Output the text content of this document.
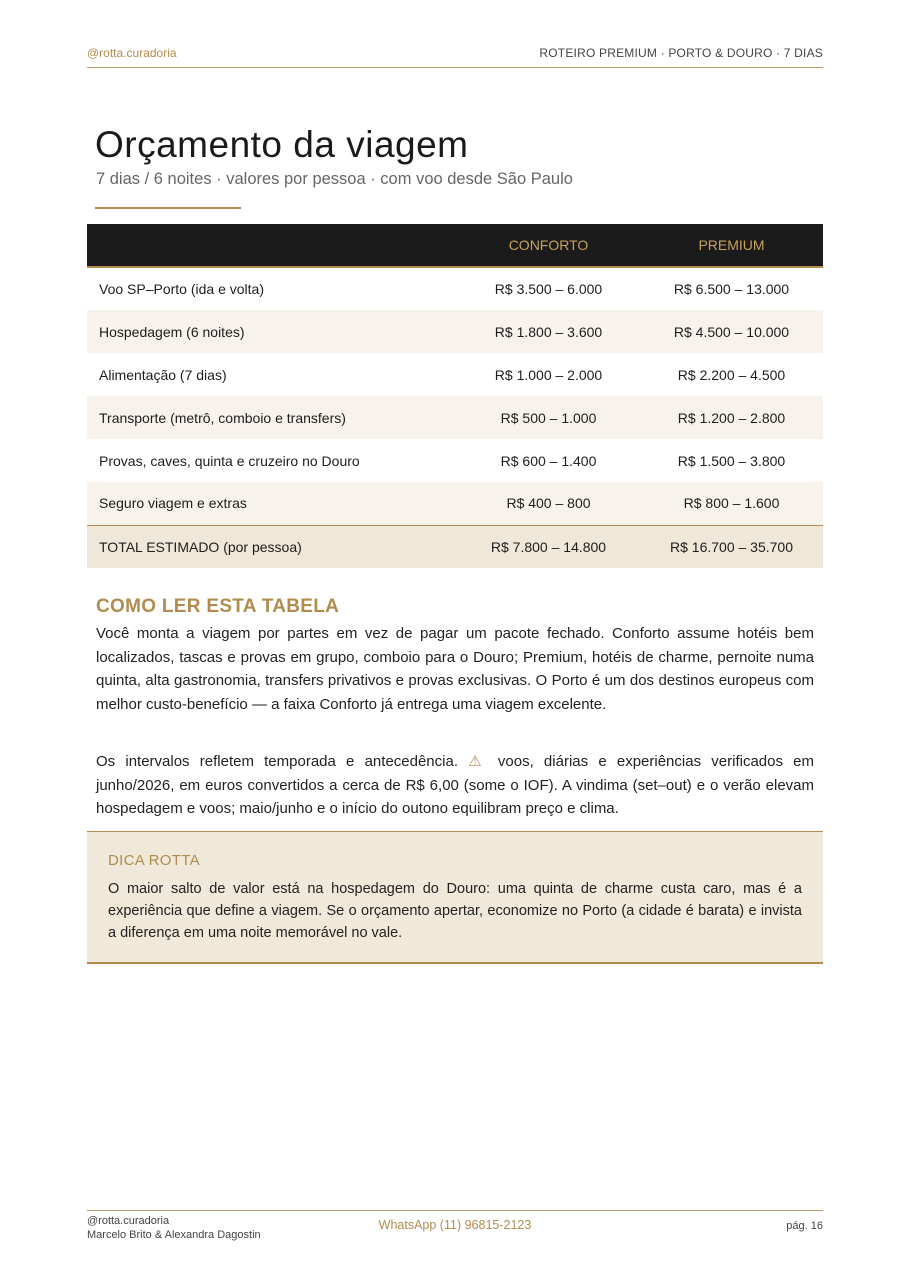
@rotta.curadoria	ROTEIRO PREMIUM · PORTO & DOURO · 7 DIAS
Orçamento da viagem
7 dias / 6 noites · valores por pessoa · com voo desde São Paulo
	CONFORTO	PREMIUM
Voo SP–Porto (ida e volta)	R$ 3.500 – 6.000	R$ 6.500 – 13.000
Hospedagem (6 noites)	R$ 1.800 – 3.600	R$ 4.500 – 10.000
Alimentação (7 dias)	R$ 1.000 – 2.000	R$ 2.200 – 4.500
Transporte (metrô, comboio e transfers)	R$ 500 – 1.000	R$ 1.200 – 2.800
Provas, caves, quinta e cruzeiro no Douro	R$ 600 – 1.400	R$ 1.500 – 3.800
Seguro viagem e extras	R$ 400 – 800	R$ 800 – 1.600
TOTAL ESTIMADO (por pessoa)	R$ 7.800 – 14.800	R$ 16.700 – 35.700
COMO LER ESTA TABELA

Você monta a viagem por partes em vez de pagar um pacote fechado. Conforto assume hotéis bem localizados, tascas e provas em grupo, comboio para o Douro; Premium, hotéis de charme, pernoite numa quinta, alta gastronomia, transfers privativos e provas exclusivas. O Porto é um dos destinos europeus com melhor custo-benefício — a faixa Conforto já entrega uma viagem excelente.

Os intervalos refletem temporada e antecedência. ⚠ voos, diárias e experiências verificados em junho/2026, em euros convertidos a cerca de R$ 6,00 (some o IOF). A vindima (set–out) e o verão elevam hospedagem e voos; maio/junho e o início do outono equilibram preço e clima.

DICA ROTTA
O maior salto de valor está na hospedagem do Douro: uma quinta de charme custa caro, mas é a experiência que define a viagem. Se o orçamento apertar, economize no Porto (a cidade é barata) e invista a diferença em uma noite memorável no vale.
@rotta.curadoria
Marcelo Brito & Alexandra Dagostin
WhatsApp (11) 96815-2123	pág. 16
